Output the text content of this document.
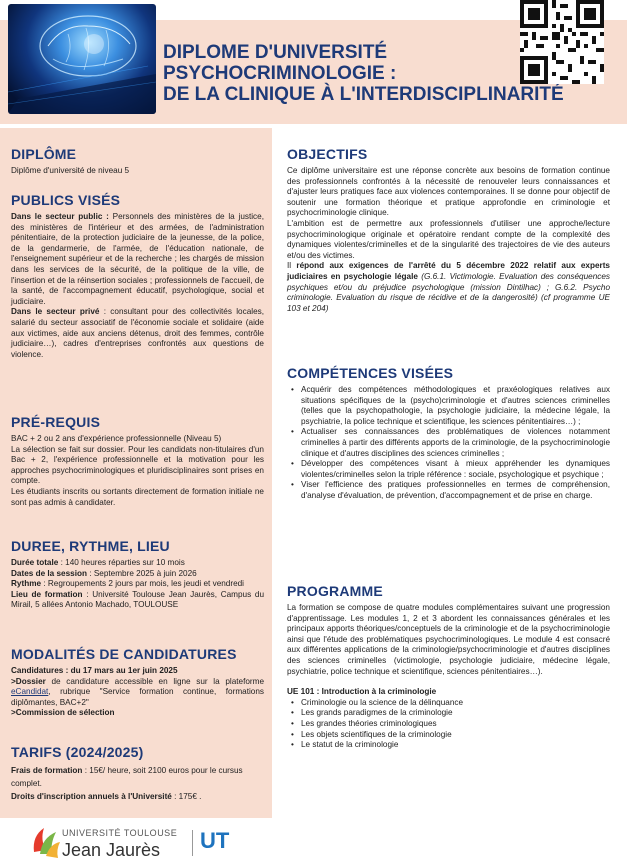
DIPLOME D'UNIVERSITÉ
PSYCHOCRIMINOLOGIE :
DE LA CLINIQUE À L'INTERDISCIPLINARITÉ
DIPLÔME
Diplôme d'université de niveau 5
PUBLICS VISÉS
Dans le secteur public : Personnels des ministères de la justice, des ministères de l'intérieur et des armées, de l'administration pénitentiaire, de la protection judiciaire de la jeunesse, de la police, de la gendarmerie, de l'armée, de l'éducation nationale, de l'enseignement supérieur et de la recherche ; les chargés de mission dans les services de la sécurité, de la politique de la ville, de l'insertion et de la réinsertion sociales ; professionnels de l'accueil, de la santé, de l'accompagnement éducatif, psychologique, social et judiciaire.
Dans le secteur privé : consultant pour des collectivités locales, salarié du secteur associatif de l'économie sociale et solidaire (aide aux victimes, aide aux anciens détenus, droit des femmes, contrôle judiciaire…), cadres d'entreprises confrontés aux questions de violence.
PRÉ-REQUIS
BAC + 2 ou 2 ans d'expérience professionnelle (Niveau 5)
La sélection se fait sur dossier. Pour les candidats non-titulaires d'un Bac + 2, l'expérience professionnelle et la motivation pour les approches psychocriminologiques et pluridisciplinaires sont prises en compte.
Les étudiants inscrits ou sortants directement de formation initiale ne sont pas admis à candidater.
DUREE, RYTHME, LIEU
Durée totale : 140 heures réparties sur 10 mois
Dates de la session : Septembre 2025 à juin 2026
Rythme : Regroupements 2 jours par mois, les jeudi et vendredi
Lieu de formation : Université Toulouse Jean Jaurès, Campus du Mirail, 5 allées Antonio Machado, TOULOUSE
MODALITÉS DE CANDIDATURES
Candidatures : du 17 mars au 1er juin 2025
>Dossier de candidature accessible en ligne sur la plateforme eCandidat, rubrique "Service formation continue, formations diplômantes, BAC+2"
>Commission de sélection
TARIFS (2024/2025)
Frais de formation : 15€/ heure, soit 2100 euros pour le cursus complet.
Droits d'inscription annuels à l'Université : 175€ .
OBJECTIFS
Ce diplôme universitaire est une réponse concrète aux besoins de formation continue des professionnels confrontés à la nécessité de renouveler leurs connaissances et d'ajuster leurs pratiques face aux violences contemporaines. Il se donne pour objectif de soutenir une formation théorique et pratique approfondie en criminologie et psychocriminologie clinique.
L'ambition est de permettre aux professionnels d'utiliser une approche/lecture psychocriminologique originale et opératoire rendant compte de la complexité des dynamiques violentes/criminelles et de la singularité des trajectoires de vie des auteurs et/ou des victimes.
Il répond aux exigences de l'arrêté du 5 décembre 2022 relatif aux experts judiciaires en psychologie légale (G.6.1. Victimologie. Evaluation des conséquences psychiques et/ou du préjudice psychologique (mission Dintilhac) ; G.6.2. Psycho criminologie. Evaluation du risque de récidive et de la dangerosité) (cf programme UE 103 et 204)
COMPÉTENCES VISÉES
• Acquérir des compétences méthodologiques et praxéologiques relatives aux situations spécifiques de la (psycho)criminologie et d'autres sciences criminelles (telles que la psychopathologie, la psychologie judiciaire, la médecine légale, la psychiatrie, la police technique et scientifique, les sciences pénitentiaires…) ;
• Actualiser ses connaissances des problématiques de violences notamment criminelles à partir des différents apports de la criminologie, de la psychocriminologie clinique et d'autres disciplines des sciences criminelles ;
• Développer des compétences visant à mieux appréhender les dynamiques violentes/criminelles selon la triple référence : sociale, psychologique et psychique ;
• Viser l'efficience des pratiques professionnelles en termes de compréhension, d'analyse d'évaluation, de prévention, d'accompagnement et de prise en charge.
PROGRAMME
La formation se compose de quatre modules complémentaires suivant une progression d'apprentissage. Les modules 1, 2 et 3 abordent les connaissances générales et les principaux apports théoriques/conceptuels de la criminologie et de la psychocriminologie ainsi que l'étude des problématiques psychocriminologiques. Le module 4 est consacré aux différentes applications de la criminologie/psychocriminologie et d'autres disciplines des sciences criminelles (victimologie, psychologie judiciaire, médecine légale, psychiatrie, police technique et scientifique, sciences pénitentiaires…).
UE 101 : Introduction à la criminologie
• Criminologie ou la science de la délinquance
• Les grands paradigmes de la criminologie
• Les grandes théories criminologiques
• Les objets scientifiques de la criminologie
• Le statut de la criminologie
UNIVERSITÉ TOULOUSE
Jean Jaurès UT
